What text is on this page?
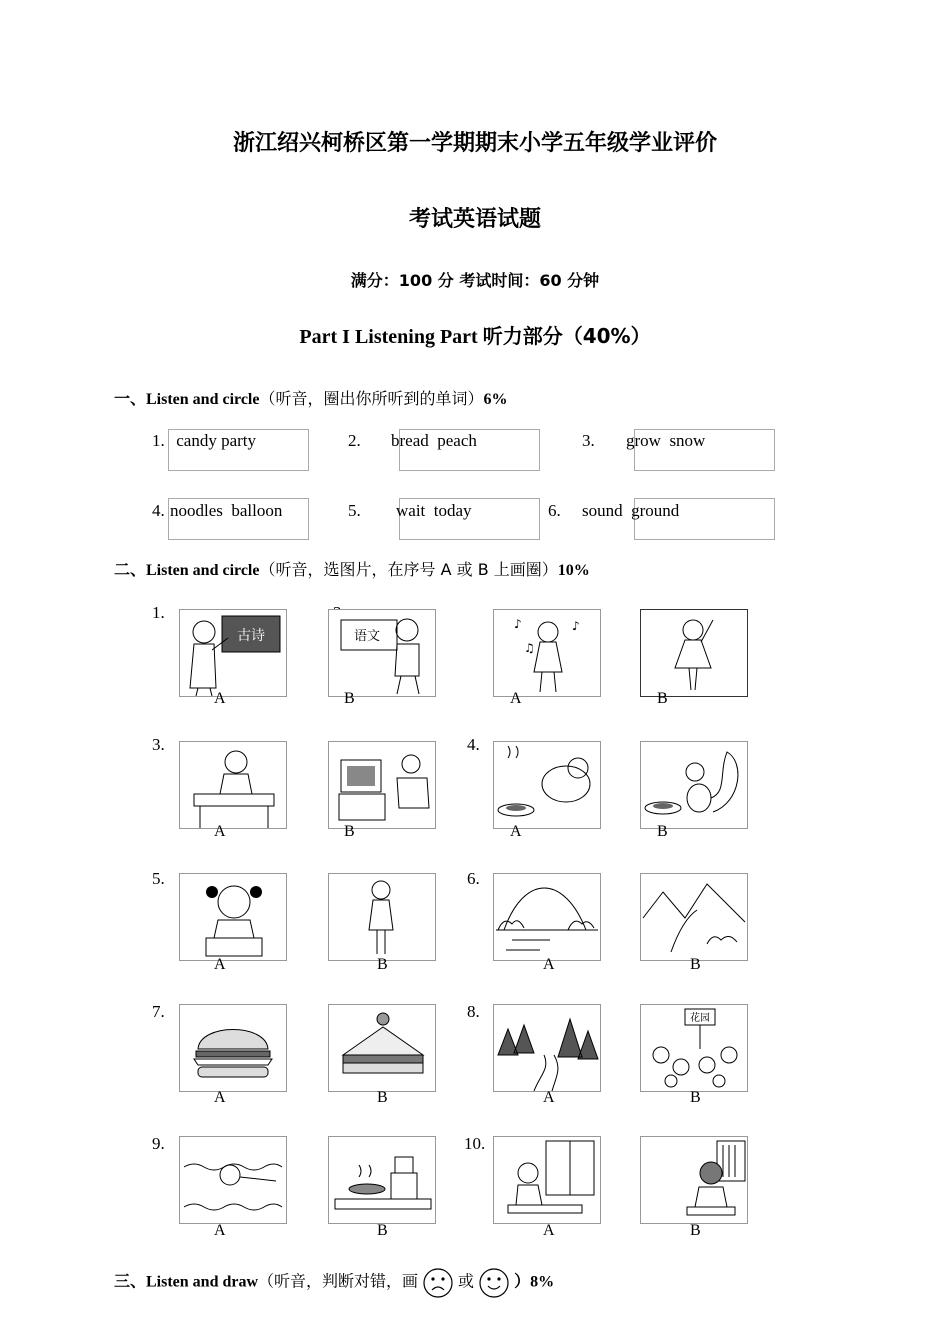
浙江绍兴柯桥区第一学期期末小学五年级学业评价
考试英语试题
满分：100 分 考试时间：60 分钟
Part I Listening Part 听力部分（40%）
一、Listen and circle（听音，圈出你所听到的单词）6%
1. candy party	2. bread  peach	3. grow  snow
4. noodles  balloon	5. wait  today	6. sound  ground
二、Listen and circle（听音，选图片，在序号 A 或 B 上画圈）10%
1.
古诗
A
语文
B
♪
♫
♪
A	B
3.
A	B
4.
A	B
5.
A	B
6.
A	B
7.
A	B
8.
A
花园
B
9.
A	B
10.
A	B
三、Listen and draw（听音，判断对错，画	或	）8%
